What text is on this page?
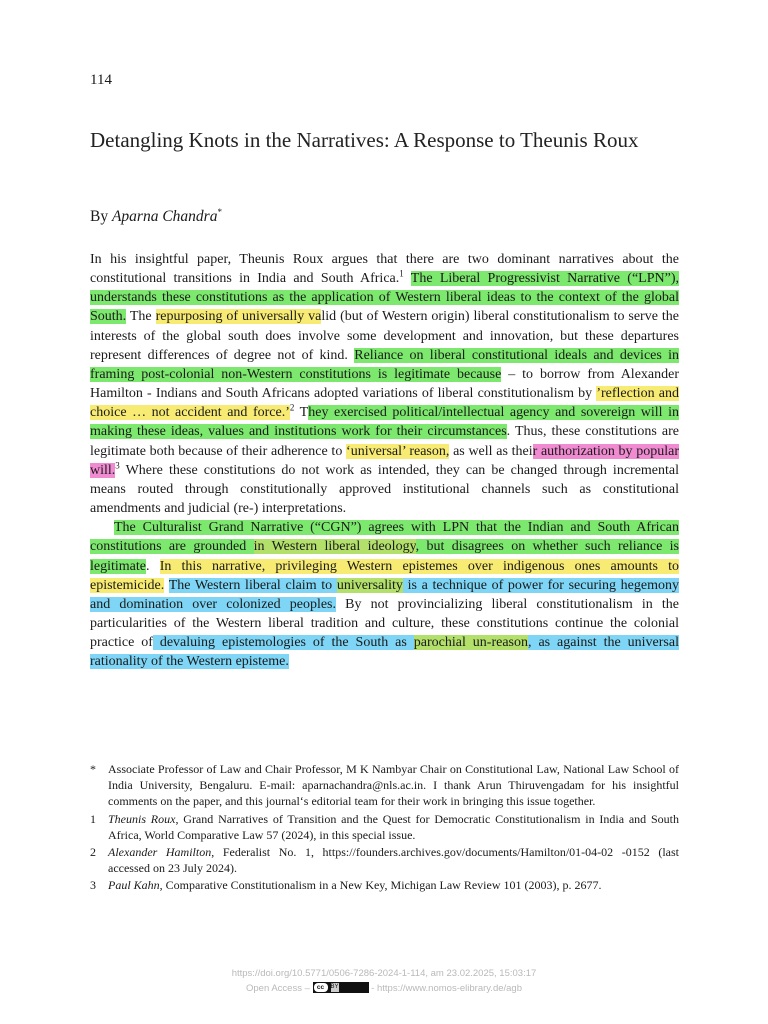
114
Detangling Knots in the Narratives: A Response to Theunis Roux
By Aparna Chandra*

In his insightful paper, Theunis Roux argues that there are two dominant narratives about the constitutional transitions in India and South Africa.$^1$ The Liberal Progressivist Narrative (“LPN”), understands these constitutions as the application of Western liberal ideas to the context of the global South. The repurposing of universally valid (but of Western origin) liberal constitutionalism to serve the interests of the global south does involve some development and innovation, but these departures represent differences of degree not of kind. Reliance on liberal constitutional ideals and devices in framing post-colonial non-Western constitutions is legitimate because – to borrow from Alexander Hamilton - Indians and South Africans adopted variations of liberal constitutionalism by ’reflection and choice … not accident and force.’$^2$ They exercised political/intellectual agency and sovereign will in making these ideas, values and institutions work for their circumstances. Thus, these constitutions are legitimate both because of their adherence to ‘universal’ reason, as well as their authorization by popular will.$^3$ Where these constitutions do not work as intended, they can be changed through incremental means routed through constitutionally approved institutional channels such as constitutional amendments and judicial (re-) interpretations.

The Culturalist Grand Narrative (“CGN”) agrees with LPN that the Indian and South African constitutions are grounded in Western liberal ideology, but disagrees on whether such reliance is legitimate. In this narrative, privileging Western epistemes over indigenous ones amounts to epistemicide. The Western liberal claim to universality is a technique of power for securing hegemony and domination over colonized peoples. By not provincializing liberal constitutionalism in the particularities of the Western liberal tradition and culture, these constitutions continue the colonial practice of devaluing epistemologies of the South as parochial un-reason, as against the universal rationality of the Western episteme.

*	Associate Professor of Law and Chair Professor, M K Nambyar Chair on Constitutional Law, National Law School of India University, Bengaluru. E-mail: aparnachandra@nls.ac.in. I thank Arun Thiruvengadam for his insightful comments on the paper, and this journal‘s editorial team for their work in bringing this issue together.
1	Theunis Roux, Grand Narratives of Transition and the Quest for Democratic Constitutionalism in India and South Africa, World Comparative Law 57 (2024), in this special issue.
2	Alexander Hamilton, Federalist No. 1, https://founders.archives.gov/documents/Hamilton/01-04-02 -0152 (last accessed on 23 July 2024).
3	Paul Kahn, Comparative Constitutionalism in a New Key, Michigan Law Review 101 (2003), p. 2677.
https://doi.org/10.5771/0506-7286-2024-1-114, am 23.02.2025, 15:03:17
Open Access – cc	BY	- https://www.nomos-elibrary.de/agb
